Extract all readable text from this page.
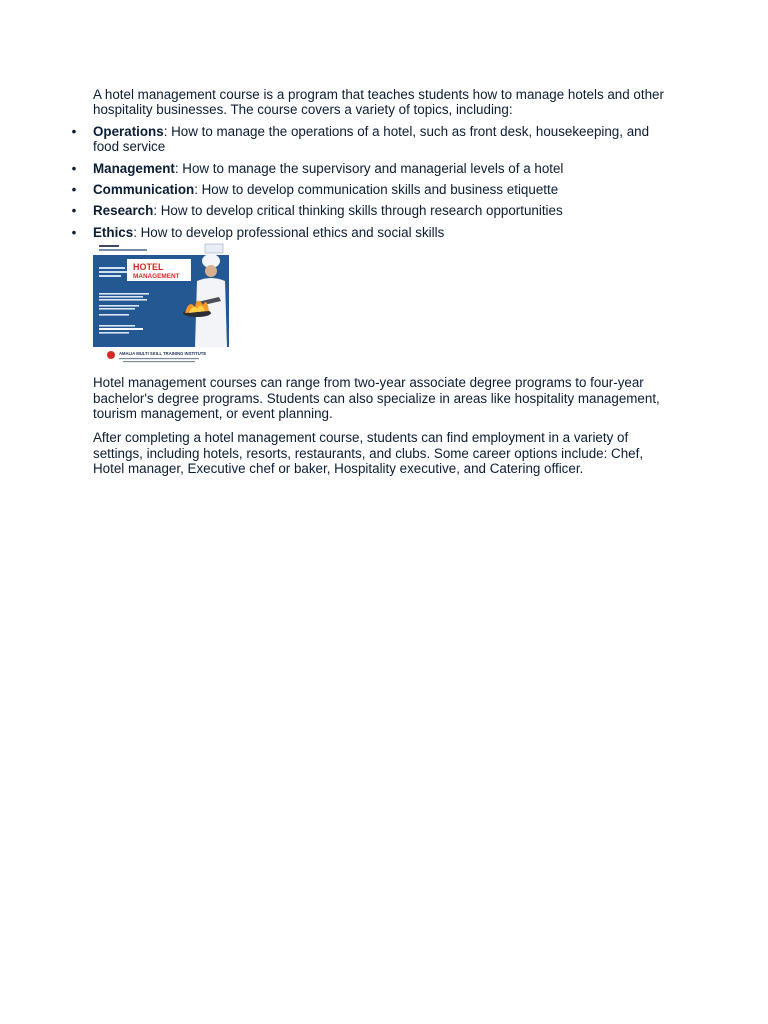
A hotel management course is a program that teaches students how to manage hotels and other hospitality businesses. The course covers a variety of topics, including:

• Operations: How to manage the operations of a hotel, such as front desk, housekeeping, and food service
• Management: How to manage the supervisory and managerial levels of a hotel
• Communication: How to develop communication skills and business etiquette
• Research: How to develop critical thinking skills through research opportunities
• Ethics: How to develop professional ethics and social skills
HOTEL
MANAGEMENT
AMALIA MULTI SKILL TRAINING INSTITUTE

Hotel management courses can range from two-year associate degree programs to four-year bachelor's degree programs. Students can also specialize in areas like hospitality management, tourism management, or event planning.

After completing a hotel management course, students can find employment in a variety of settings, including hotels, resorts, restaurants, and clubs. Some career options include: Chef, Hotel manager, Executive chef or baker, Hospitality executive, and Catering officer.
